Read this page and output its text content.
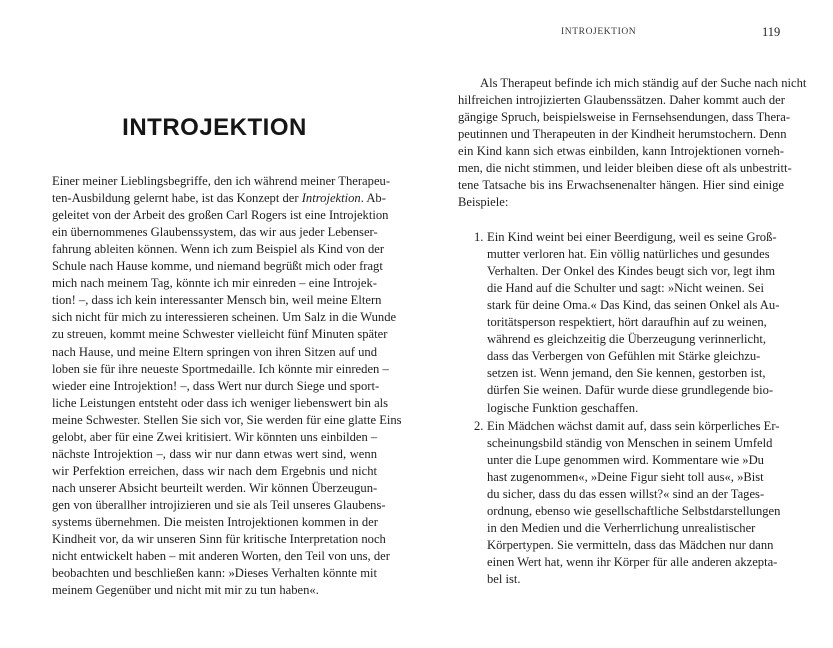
INTROJEKTION	119
INTROJEKTION
Einer meiner Lieblingsbegriffe, den ich während meiner Therapeu-
ten-Ausbildung gelernt habe, ist das Konzept der Introjektion. Ab-
geleitet von der Arbeit des großen Carl Rogers ist eine Introjektion
ein übernommenes Glaubenssystem, das wir aus jeder Lebenser-
fahrung ableiten können. Wenn ich zum Beispiel als Kind von der
Schule nach Hause komme, und niemand begrüßt mich oder fragt
mich nach meinem Tag, könnte ich mir einreden – eine Introjek-
tion! –, dass ich kein interessanter Mensch bin, weil meine Eltern
sich nicht für mich zu interessieren scheinen. Um Salz in die Wunde
zu streuen, kommt meine Schwester vielleicht fünf Minuten später
nach Hause, und meine Eltern springen von ihren Sitzen auf und
loben sie für ihre neueste Sportmedaille. Ich könnte mir einreden –
wieder eine Introjektion! –, dass Wert nur durch Siege und sport-
liche Leistungen entsteht oder dass ich weniger liebenswert bin als
meine Schwester. Stellen Sie sich vor, Sie werden für eine glatte Eins
gelobt, aber für eine Zwei kritisiert. Wir könnten uns einbilden –
nächste Introjektion –, dass wir nur dann etwas wert sind, wenn
wir Perfektion erreichen, dass wir nach dem Ergebnis und nicht
nach unserer Absicht beurteilt werden. Wir können Überzeugun-
gen von überallher introjizieren und sie als Teil unseres Glaubens-
systems übernehmen. Die meisten Introjektionen kommen in der
Kindheit vor, da wir unseren Sinn für kritische Interpretation noch
nicht entwickelt haben – mit anderen Worten, den Teil von uns, der
beobachten und beschließen kann: »Dieses Verhalten könnte mit
meinem Gegenüber und nicht mit mir zu tun haben«.
Als Therapeut befinde ich mich ständig auf der Suche nach nicht
hilfreichen introjizierten Glaubenssätzen. Daher kommt auch der
gängige Spruch, beispielsweise in Fernsehsendungen, dass Thera-
peutinnen und Therapeuten in der Kindheit herumstochern. Denn
ein Kind kann sich etwas einbilden, kann Introjektionen vorneh-
men, die nicht stimmen, und leider bleiben diese oft als unbestritt-
tene Tatsache bis ins Erwachsenenalter hängen. Hier sind einige
Beispiele:
1. Ein Kind weint bei einer Beerdigung, weil es seine Groß-
mutter verloren hat. Ein völlig natürliches und gesundes
Verhalten. Der Onkel des Kindes beugt sich vor, legt ihm
die Hand auf die Schulter und sagt: »Nicht weinen. Sei
stark für deine Oma.« Das Kind, das seinen Onkel als Au-
toritätsperson respektiert, hört daraufhin auf zu weinen,
während es gleichzeitig die Überzeugung verinnerlicht,
dass das Verbergen von Gefühlen mit Stärke gleichzu-
setzen ist. Wenn jemand, den Sie kennen, gestorben ist,
dürfen Sie weinen. Dafür wurde diese grundlegende bio-
logische Funktion geschaffen.
2. Ein Mädchen wächst damit auf, dass sein körperliches Er-
scheinungsbild ständig von Menschen in seinem Umfeld
unter die Lupe genommen wird. Kommentare wie »Du
hast zugenommen«, »Deine Figur sieht toll aus«, »Bist
du sicher, dass du das essen willst?« sind an der Tages-
ordnung, ebenso wie gesellschaftliche Selbstdarstellungen
in den Medien und die Verherrlichung unrealistischer
Körpertypen. Sie vermitteln, dass das Mädchen nur dann
einen Wert hat, wenn ihr Körper für alle anderen akzepta-
bel ist.
